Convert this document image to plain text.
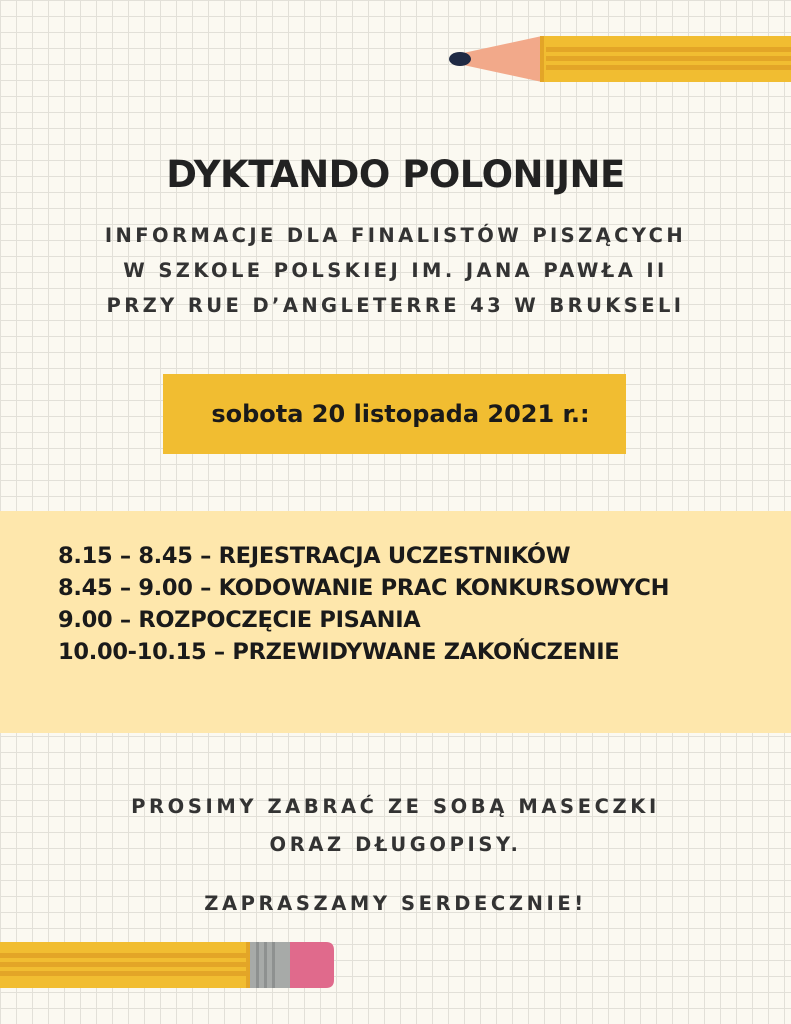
DYKTANDO POLONIJNE
INFORMACJE DLA FINALISTÓW PISZĄCYCH
W SZKOLE POLSKIEJ IM. JANA PAWŁA II
PRZY RUE D’ANGLETERRE 43 W BRUKSELI
sobota 20 listopada 2021 r.:
8.15 – 8.45 – REJESTRACJA UCZESTNIKÓW
8.45 – 9.00 – KODOWANIE PRAC KONKURSOWYCH
9.00 – ROZPOCZĘCIE PISANIA
10.00-10.15 – PRZEWIDYWANE ZAKOŃCZENIE
PROSIMY ZABRAĆ ZE SOBĄ MASECZKI
ORAZ DŁUGOPISY.
ZAPRASZAMY SERDECZNIE!
